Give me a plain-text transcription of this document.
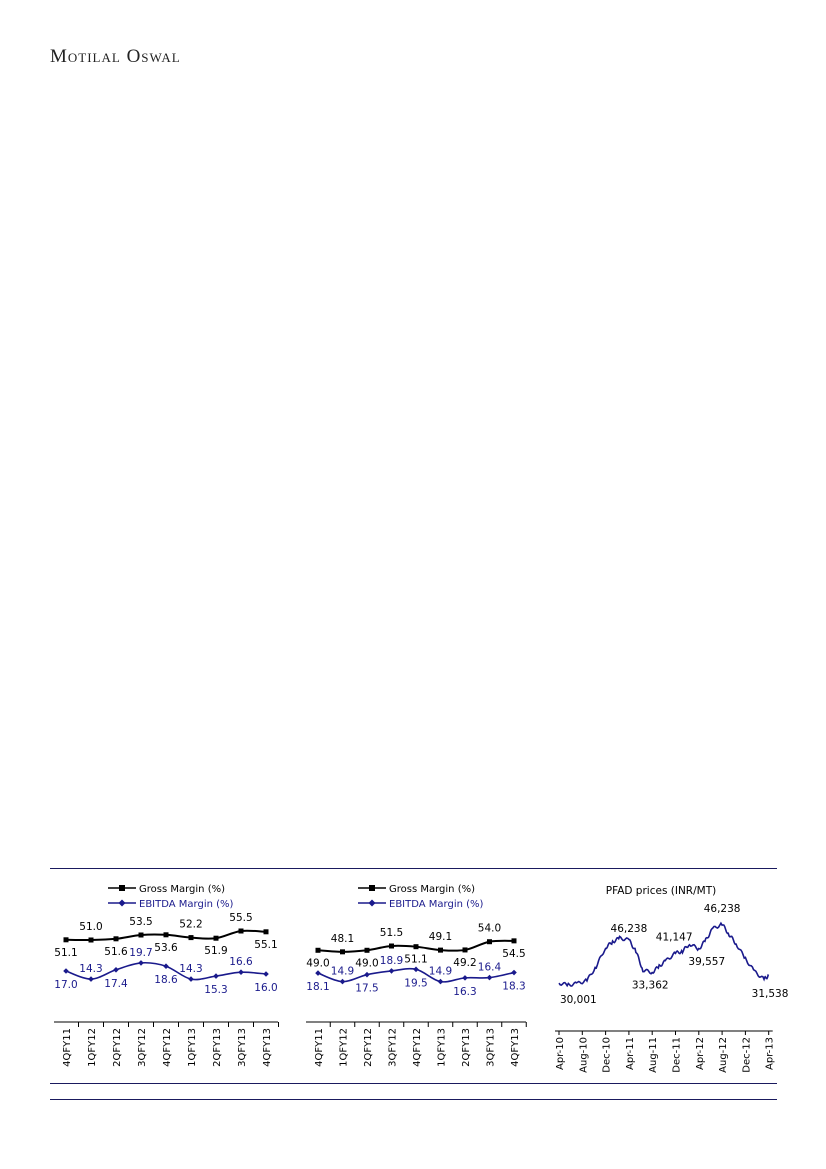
Motilal Oswal
Gross Margin (%)
EBITDA Margin (%)
51.1
51.0
51.6
53.5
53.6
52.2
51.9
55.5
55.1
17.0
14.3
17.4
19.7
18.6
14.3
15.3
16.6
16.0
4QFY11 1QFY12 2QFY12 3QFY12 4QFY12 1QFY13 2QFY13 3QFY13 4QFY13
Gross Margin (%)
EBITDA Margin (%)
49.0
48.1
49.0
51.5
51.1
49.1
49.2
54.0
54.5
18.1
14.9
17.5
18.9
19.5
14.9
16.3
16.4
18.3
4QFY11 1QFY12 2QFY12 3QFY12 4QFY12 1QFY13 2QFY13 3QFY13 4QFY13
PFAD prices (INR/MT)
30,001
46,238
33,362
41,147
46,238
39,557
31,538
Apr-10 Aug-10 Dec-10 Apr-11 Aug-11 Dec-11 Apr-12 Aug-12 Dec-12 Apr-13
